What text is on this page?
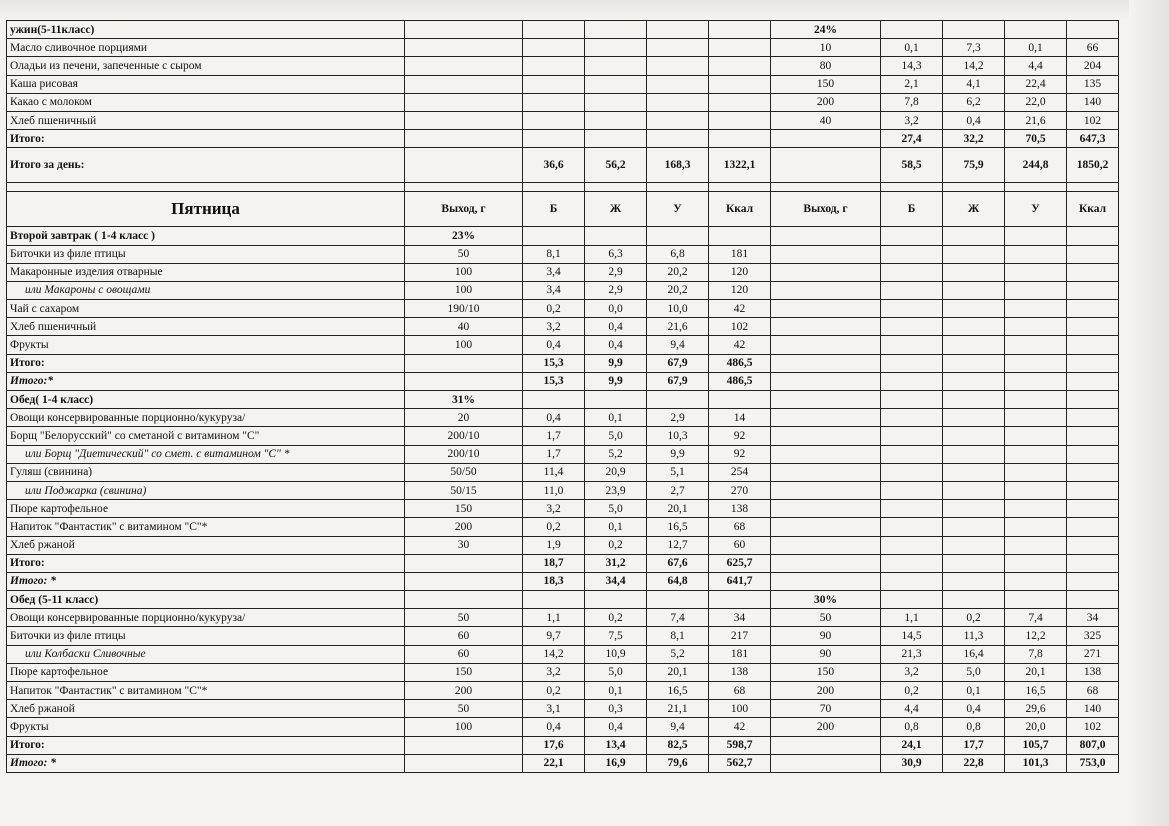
ужин(5-11класс)						24%				
Масло сливочное порциями						10	0,1	7,3	0,1	66
Оладьи из печени, запеченные с сыром						80	14,3	14,2	4,4	204
Каша рисовая						150	2,1	4,1	22,4	135
Какао с молоком						200	7,8	6,2	22,0	140
Хлеб пшеничный						40	3,2	0,4	21,6	102
Итого:							27,4	32,2	70,5	647,3
Итого за день:		36,6	56,2	168,3	1322,1		58,5	75,9	244,8	1850,2

Пятница	Выход, г	Б	Ж	У	Ккал	Выход, г	Б	Ж	У	Ккал
Второй завтрак ( 1-4 класс )	23%									
Биточки из филе птицы	50	8,1	6,3	6,8	181					
Макаронные изделия отварные	100	3,4	2,9	20,2	120					
или Макароны с овощами	100	3,4	2,9	20,2	120					
Чай с сахаром	190/10	0,2	0,0	10,0	42					
Хлеб пшеничный	40	3,2	0,4	21,6	102					
Фрукты	100	0,4	0,4	9,4	42					
Итого:		15,3	9,9	67,9	486,5					
Итого:*		15,3	9,9	67,9	486,5					
Обед( 1-4 класс)	31%									
Овощи консервированные порционно/кукуруза/	20	0,4	0,1	2,9	14					
Борщ "Белорусский" со сметаной с витамином "С"	200/10	1,7	5,0	10,3	92					
или Борщ "Диетический" со смет. с витамином "С" *	200/10	1,7	5,2	9,9	92					
Гуляш (свинина)	50/50	11,4	20,9	5,1	254					
или Поджарка (свинина)	50/15	11,0	23,9	2,7	270					
Пюре картофельное	150	3,2	5,0	20,1	138					
Напиток "Фантастик" с витамином "С"*	200	0,2	0,1	16,5	68					
Хлеб ржаной	30	1,9	0,2	12,7	60					
Итого:		18,7	31,2	67,6	625,7					
Итого: *		18,3	34,4	64,8	641,7					
Обед (5-11 класс)						30%				
Овощи консервированные порционно/кукуруза/	50	1,1	0,2	7,4	34	50	1,1	0,2	7,4	34
Биточки из филе птицы	60	9,7	7,5	8,1	217	90	14,5	11,3	12,2	325
или Колбаски Сливочные	60	14,2	10,9	5,2	181	90	21,3	16,4	7,8	271
Пюре картофельное	150	3,2	5,0	20,1	138	150	3,2	5,0	20,1	138
Напиток "Фантастик" с витамином "С"*	200	0,2	0,1	16,5	68	200	0,2	0,1	16,5	68
Хлеб ржаной	50	3,1	0,3	21,1	100	70	4,4	0,4	29,6	140
Фрукты	100	0,4	0,4	9,4	42	200	0,8	0,8	20,0	102
Итого:		17,6	13,4	82,5	598,7		24,1	17,7	105,7	807,0
Итого: *		22,1	16,9	79,6	562,7		30,9	22,8	101,3	753,0
